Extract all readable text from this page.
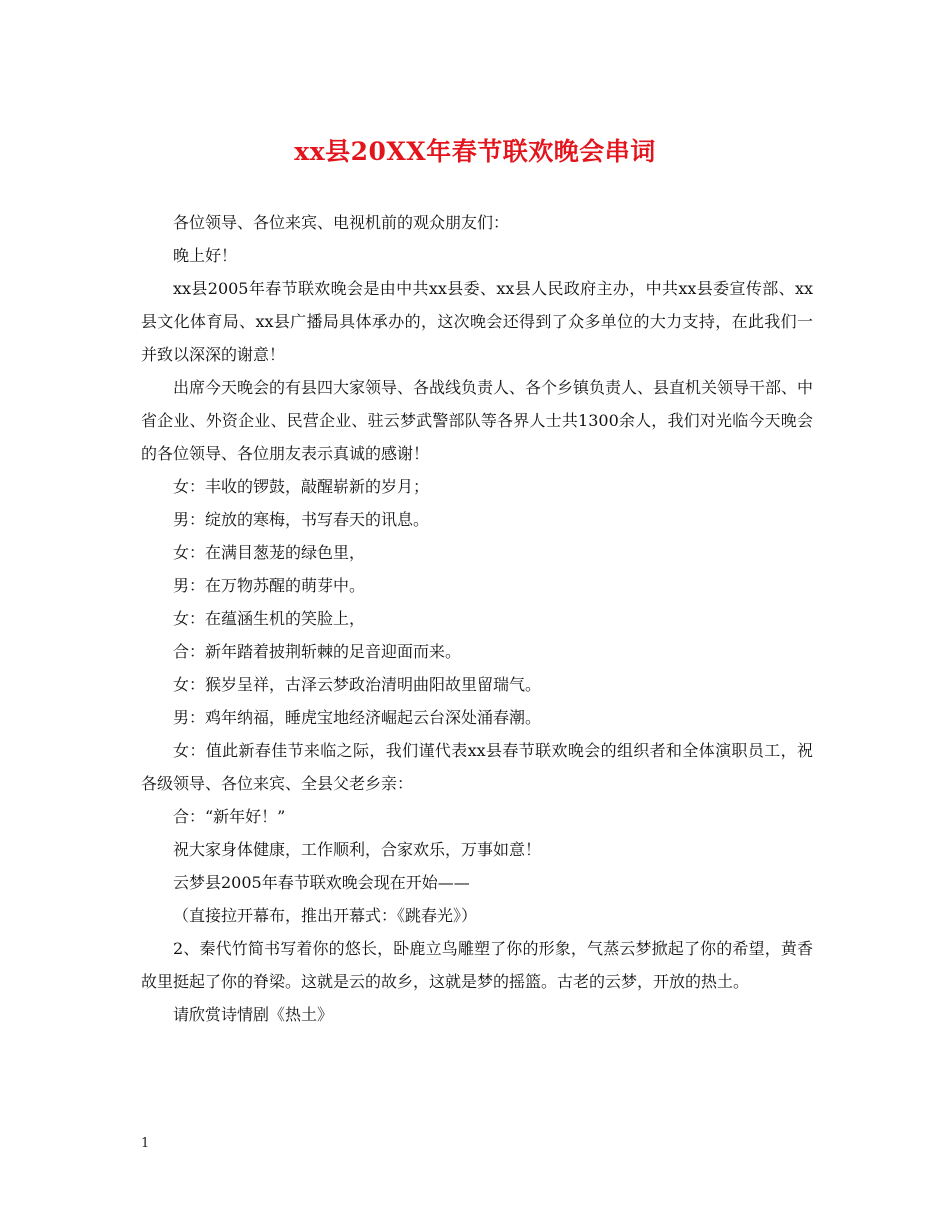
xx县20XX年春节联欢晚会串词

各位领导、各位来宾、电视机前的观众朋友们：

晚上好！

xx县2005年春节联欢晚会是由中共xx县委、xx县人民政府主办，中共xx县委宣传部、xx县文化体育局、xx县广播局具体承办的，这次晚会还得到了众多单位的大力支持，在此我们一并致以深深的谢意！

出席今天晚会的有县四大家领导、各战线负责人、各个乡镇负责人、县直机关领导干部、中省企业、外资企业、民营企业、驻云梦武警部队等各界人士共1300余人，我们对光临今天晚会的各位领导、各位朋友表示真诚的感谢！

女：丰收的锣鼓，敲醒崭新的岁月；

男：绽放的寒梅，书写春天的讯息。

女：在满目葱茏的绿色里，

男：在万物苏醒的萌芽中。

女：在蕴涵生机的笑脸上，

合：新年踏着披荆斩棘的足音迎面而来。

女：猴岁呈祥，古泽云梦政治清明曲阳故里留瑞气。

男：鸡年纳福，睡虎宝地经济崛起云台深处涌春潮。

女：值此新春佳节来临之际，我们谨代表xx县春节联欢晚会的组织者和全体演职员工，祝各级领导、各位来宾、全县父老乡亲：

合：“新年好！”

祝大家身体健康，工作顺利，合家欢乐，万事如意！

云梦县2005年春节联欢晚会现在开始——

（直接拉开幕布，推出开幕式：《跳春光》）

2、秦代竹简书写着你的悠长，卧鹿立鸟雕塑了你的形象，气蒸云梦掀起了你的希望，黄香故里挺起了你的脊梁。这就是云的故乡，这就是梦的摇篮。古老的云梦，开放的热土。

请欣赏诗情剧《热土》

1
